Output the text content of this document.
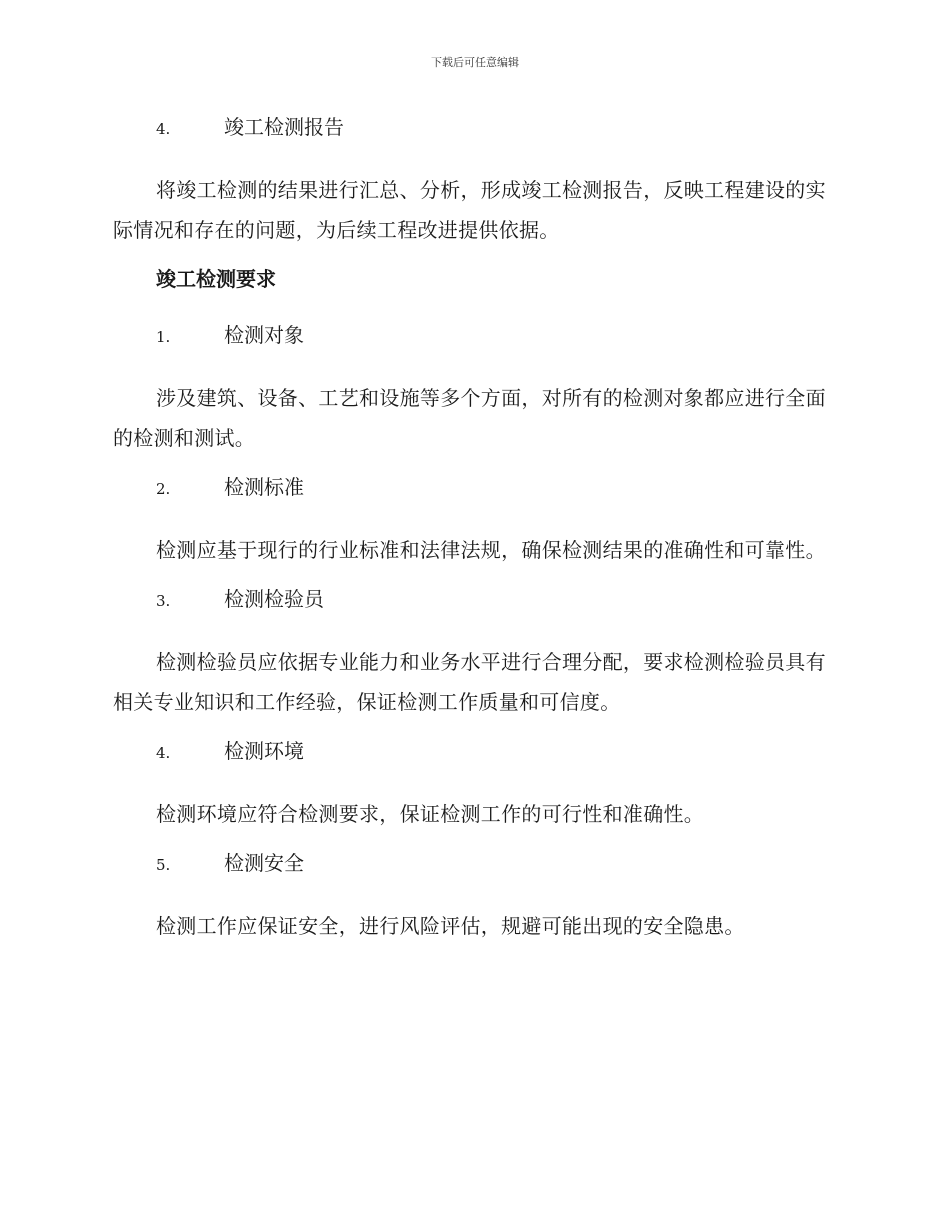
下载后可任意编辑
4.	竣工检测报告

将竣工检测的结果进行汇总、分析，形成竣工检测报告，反映工程建设的实际情况和存在的问题，为后续工程改进提供依据。

竣工检测要求
1.	检测对象

涉及建筑、设备、工艺和设施等多个方面，对所有的检测对象都应进行全面的检测和测试。

2.	检测标准

检测应基于现行的行业标准和法律法规，确保检测结果的准确性和可靠性。

3.	检测检验员

检测检验员应依据专业能力和业务水平进行合理分配，要求检测检验员具有相关专业知识和工作经验，保证检测工作质量和可信度。

4.	检测环境

检测环境应符合检测要求，保证检测工作的可行性和准确性。

5.	检测安全

检测工作应保证安全，进行风险评估，规避可能出现的安全隐患。
